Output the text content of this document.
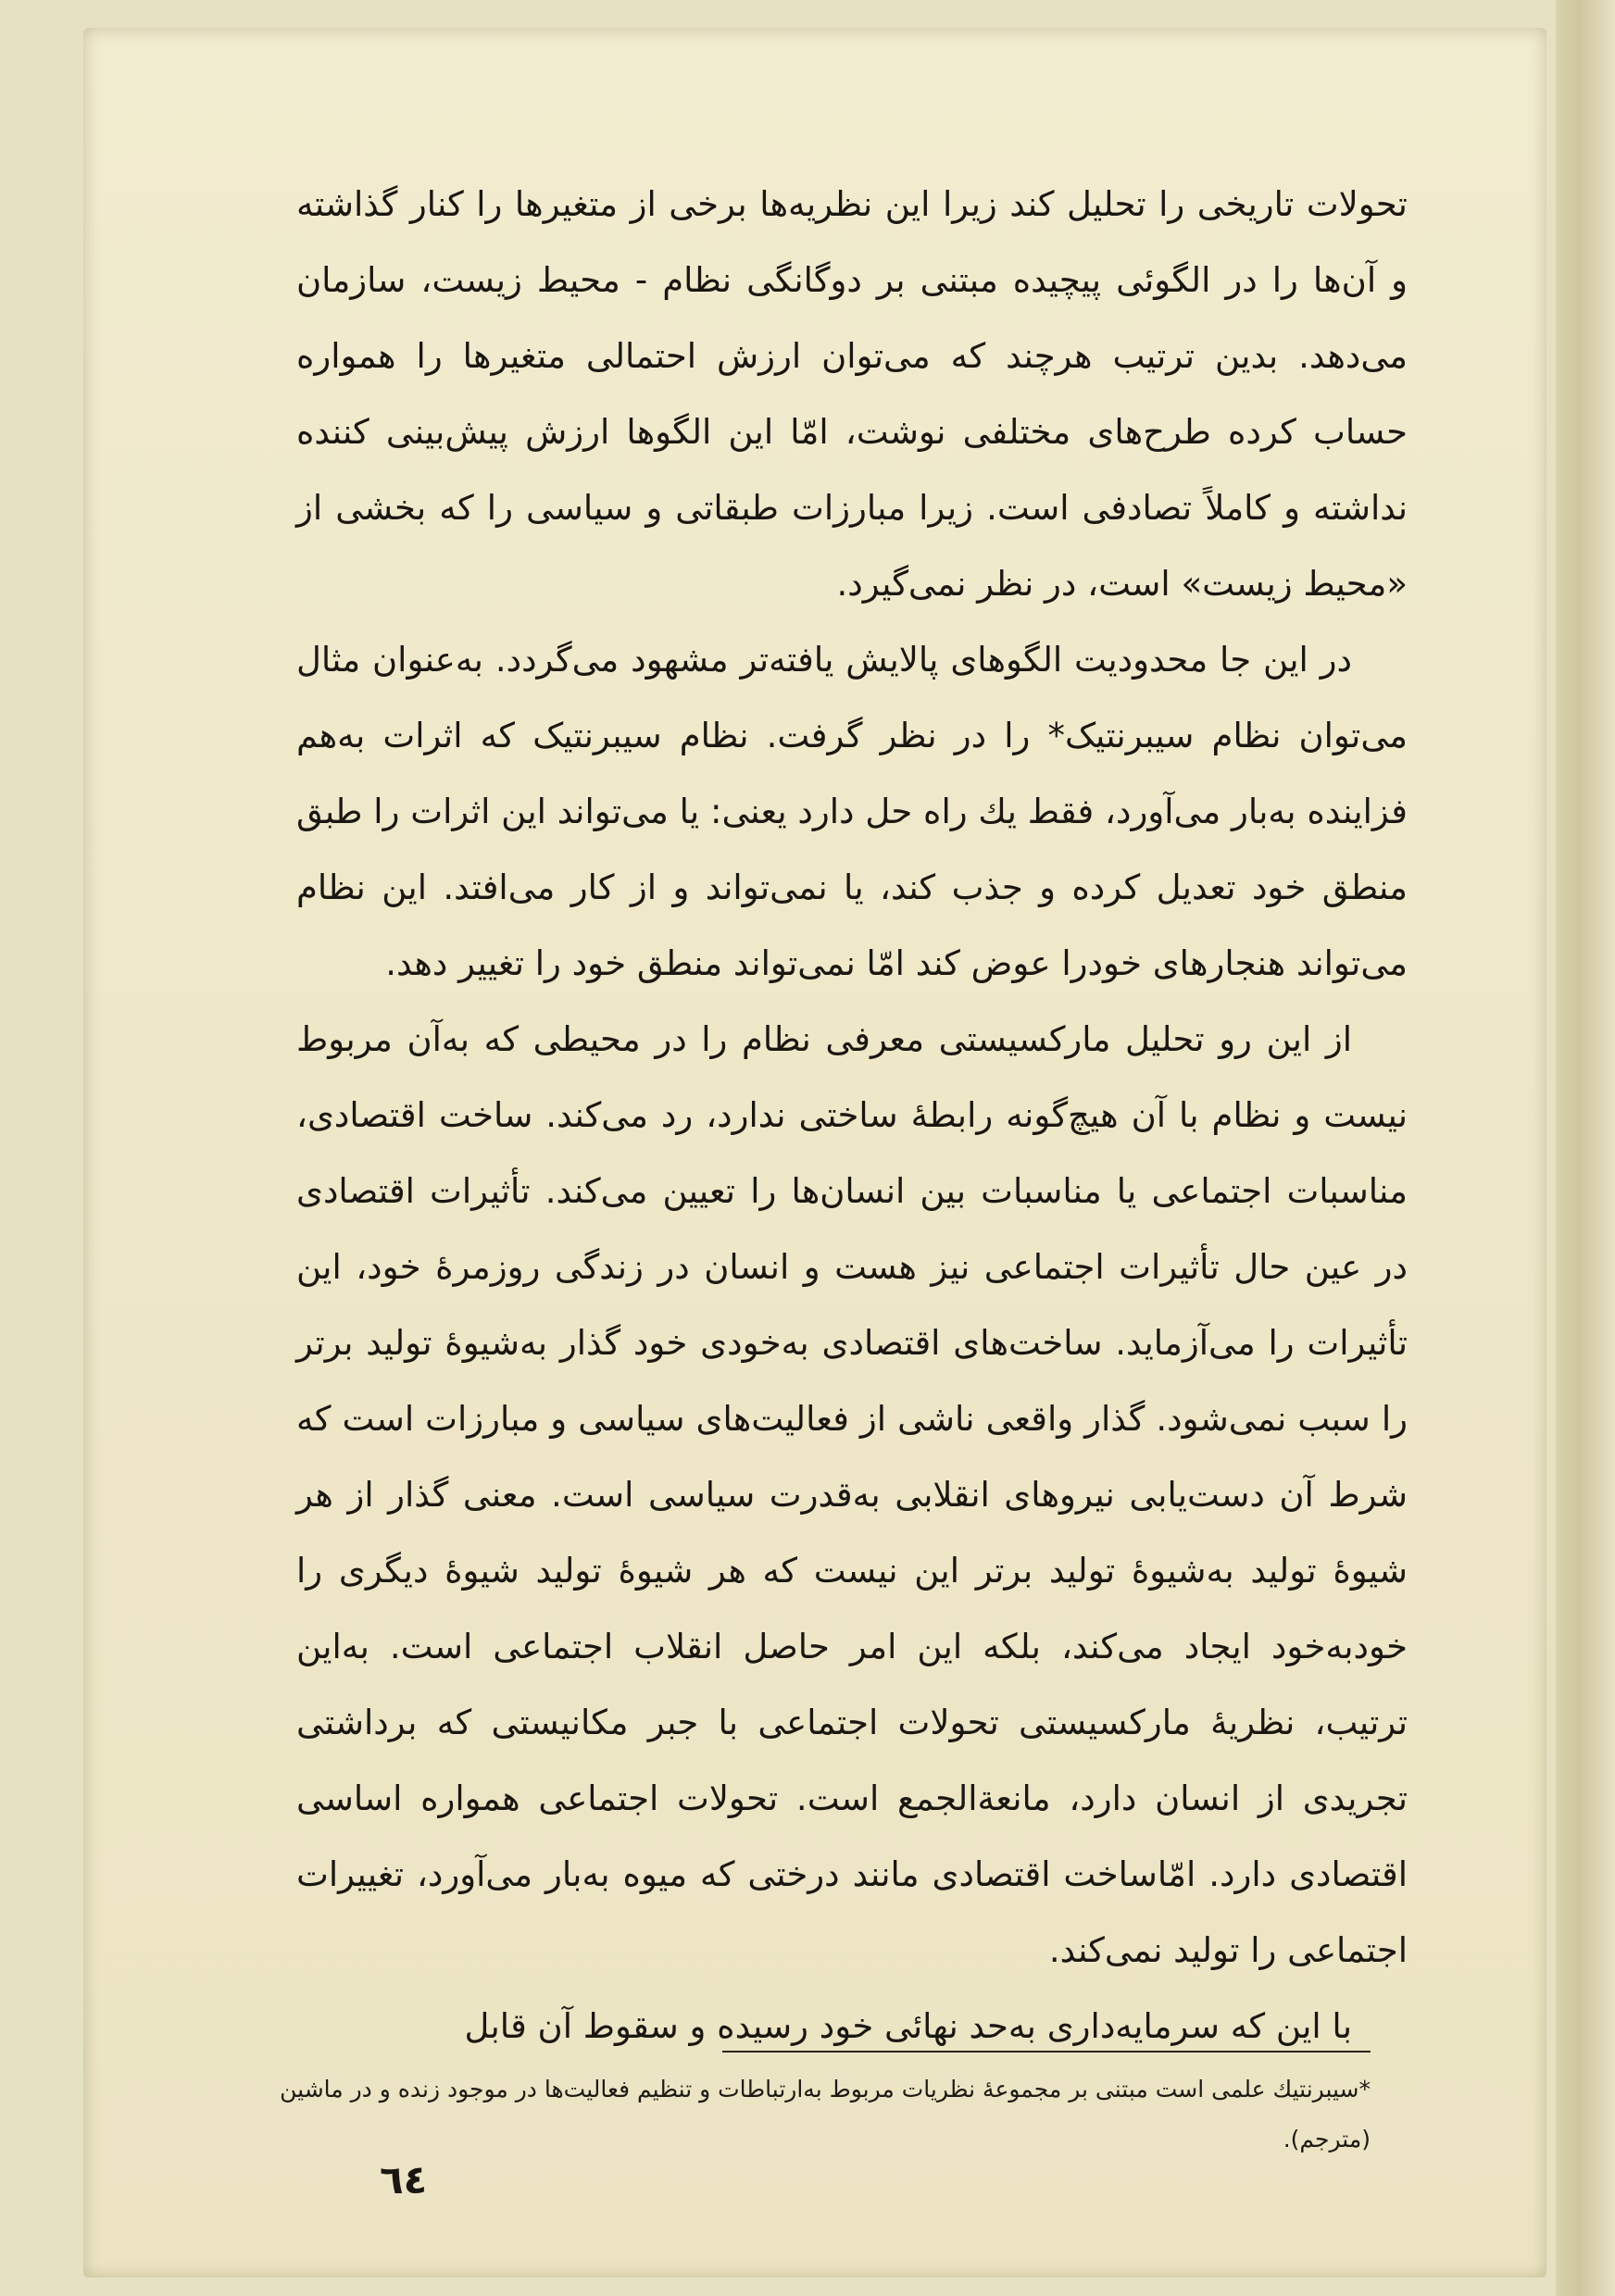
تحولات تاریخی را تحلیل کند زیرا این نظریه‌ها برخی از متغیرها را کنار گذاشته و آن‌ها را در الگوئی پیچیده مبتنی بر دوگانگی نظام - محیط زیست، سازمان می‌دهد. بدین ترتیب هرچند که می‌توان ارزش احتمالی متغیرها را همواره حساب کرده طرح‌های مختلفی نوشت، امّا این الگوها ارزش پیش‌بینی کننده نداشته و کاملاً تصادفی است. زیرا مبارزات طبقاتی و سیاسی را که بخشی از «محیط زیست» است، در نظر نمی‌گیرد.

در این جا محدودیت الگوهای پالایش یافته‌تر مشهود می‌گردد. به‌عنوان مثال می‌توان نظام سیبرنتیک* را در نظر گرفت. نظام سیبرنتیک که اثرات به‌هم فزاینده به‌بار می‌آورد، فقط یك راه حل دارد یعنی: یا می‌تواند این اثرات را طبق منطق خود تعدیل کرده و جذب کند، یا نمی‌تواند و از کار می‌افتد. این نظام می‌تواند هنجارهای خودرا عوض کند امّا نمی‌تواند منطق خود را تغییر دهد.

از این رو تحلیل مارکسیستی معرفی نظام را در محیطی که به‌آن مربوط نیست و نظام با آن هیچ‌گونه رابطهٔ ساختی ندارد، رد می‌کند. ساخت اقتصادی، مناسبات اجتماعی یا مناسبات بین انسان‌ها را تعیین می‌کند. تأثیرات اقتصادی در عین حال تأثیرات اجتماعی نیز هست و انسان در زندگی روزمرهٔ خود، این تأثیرات را می‌آزماید. ساخت‌های اقتصادی به‌خودی خود گذار به‌شیوهٔ تولید برتر را سبب نمی‌شود. گذار واقعی ناشی از فعالیت‌های سیاسی و مبارزات است که شرط آن دست‌یابی نیروهای انقلابی به‌قدرت سیاسی است. معنی گذار از هر شیوهٔ تولید به‌شیوهٔ تولید برتر این نیست که هر شیوهٔ تولید شیوهٔ دیگری را خودبه‌خود ایجاد می‌کند، بلکه این امر حاصل انقلاب اجتماعی است. به‌این ترتیب، نظریهٔ مارکسیستی تحولات اجتماعی با جبر مکانیستی که برداشتی تجریدی از انسان دارد، مانعة‌الجمع است. تحولات اجتماعی همواره اساسی اقتصادی دارد. امّاساخت اقتصادی مانند درختی که میوه به‌بار می‌آورد، تغییرات اجتماعی را تولید نمی‌کند.

با این که سرمایه‌داری به‌حد نهائی خود رسیده و سقوط آن قابل

*سیبرنتیك علمی است مبتنی بر مجموعهٔ نظریات مربوط به‌ارتباطات و تنظیم فعالیت‌ها در موجود زنده و در ماشین (مترجم).
٦٤
